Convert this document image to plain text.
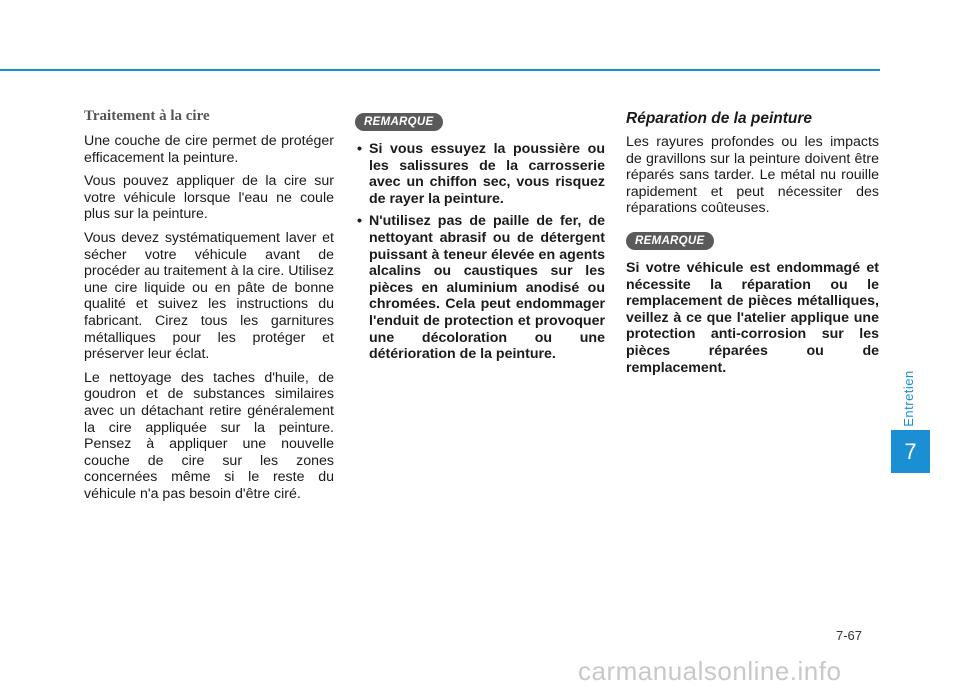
Traitement à la cire

Une couche de cire permet de protéger efficacement la peinture.

Vous pouvez appliquer de la cire sur votre véhicule lorsque l'eau ne coule plus sur la peinture.

Vous devez systématiquement laver et sécher votre véhicule avant de procéder au traitement à la cire. Utilisez une cire liquide ou en pâte de bonne qualité et suivez les instructions du fabricant. Cirez tous les garnitures métalliques pour les protéger et préserver leur éclat.

Le nettoyage des taches d'huile, de goudron et de substances similaires avec un détachant retire généralement la cire appliquée sur la peinture. Pensez à appliquer une nouvelle couche de cire sur les zones concernées même si le reste du véhicule n'a pas besoin d'être ciré.

REMARQUE
• Si vous essuyez la poussière ou les salissures de la carrosserie avec un chiffon sec, vous risquez de rayer la peinture.
• N'utilisez pas de paille de fer, de nettoyant abrasif ou de détergent puissant à teneur élevée en agents alcalins ou caustiques sur les pièces en aluminium anodisé ou chromées. Cela peut endommager l'enduit de protection et provoquer une décoloration ou une détérioration de la peinture.
Réparation de la peinture

Les rayures profondes ou les impacts de gravillons sur la peinture doivent être réparés sans tarder. Le métal nu rouille rapidement et peut nécessiter des réparations coûteuses.

REMARQUE

Si votre véhicule est endommagé et nécessite la réparation ou le remplacement de pièces métalliques, veillez à ce que l'atelier applique une protection anti-corrosion sur les pièces réparées ou de remplacement.

Entretien
7
7-67
carmanualsonline.info
